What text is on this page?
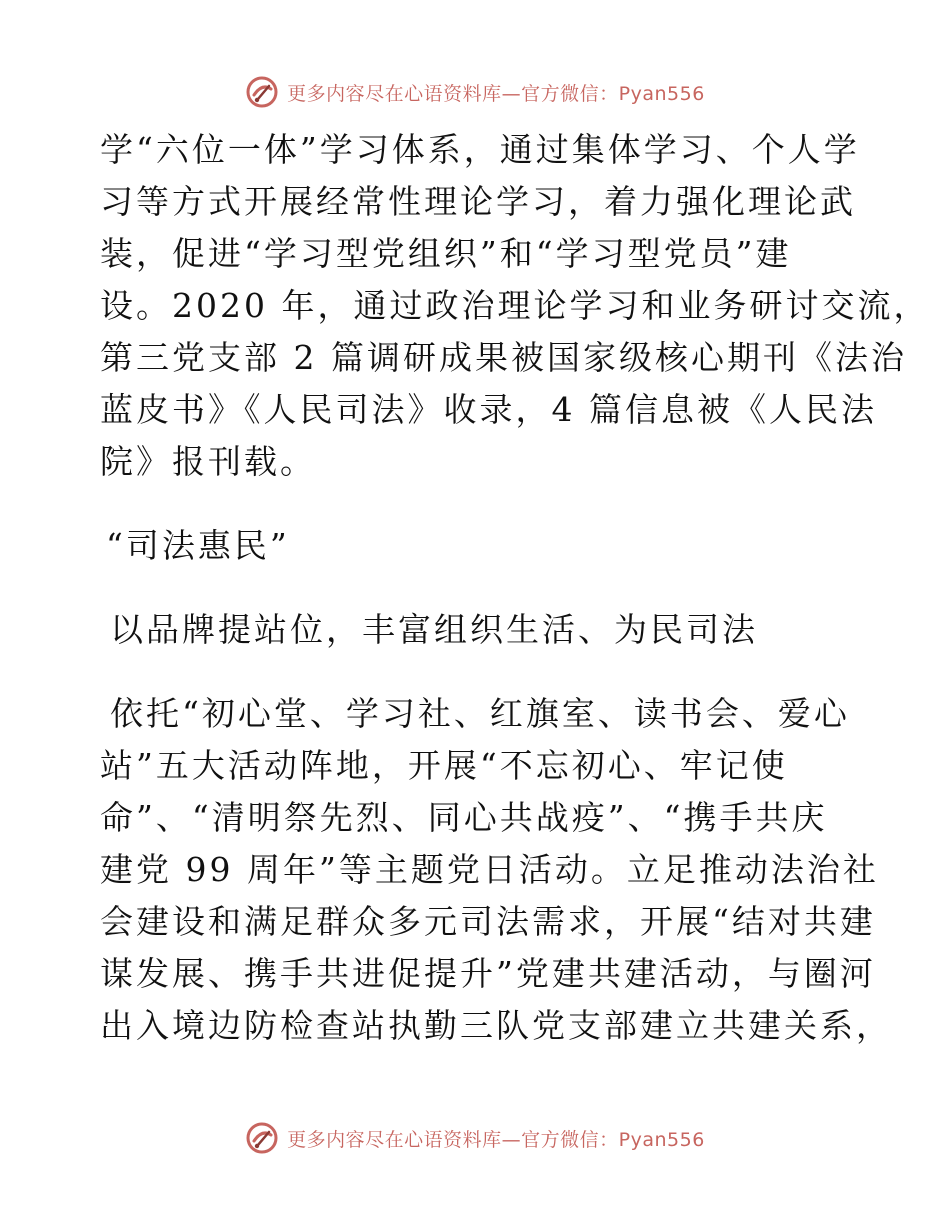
更多内容尽在心语资料库—官方微信：Pyan556
学“六位一体”学习体系，通过集体学习、个人学
习等方式开展经常性理论学习，着力强化理论武
装，促进“学习型党组织”和“学习型党员”建
设。2020 年，通过政治理论学习和业务研讨交流，
第三党支部 2 篇调研成果被国家级核心期刊《法治
蓝皮书》《人民司法》收录，4 篇信息被《人民法
院》报刊载。
“司法惠民”
以品牌提站位，丰富组织生活、为民司法
依托“初心堂、学习社、红旗室、读书会、爱心
站”五大活动阵地，开展“不忘初心、牢记使
命”、“清明祭先烈、同心共战疫”、“携手共庆
建党 99 周年”等主题党日活动。立足推动法治社
会建设和满足群众多元司法需求，开展“结对共建
谋发展、携手共进促提升”党建共建活动，与圈河
出入境边防检查站执勤三队党支部建立共建关系，
更多内容尽在心语资料库—官方微信：Pyan556
